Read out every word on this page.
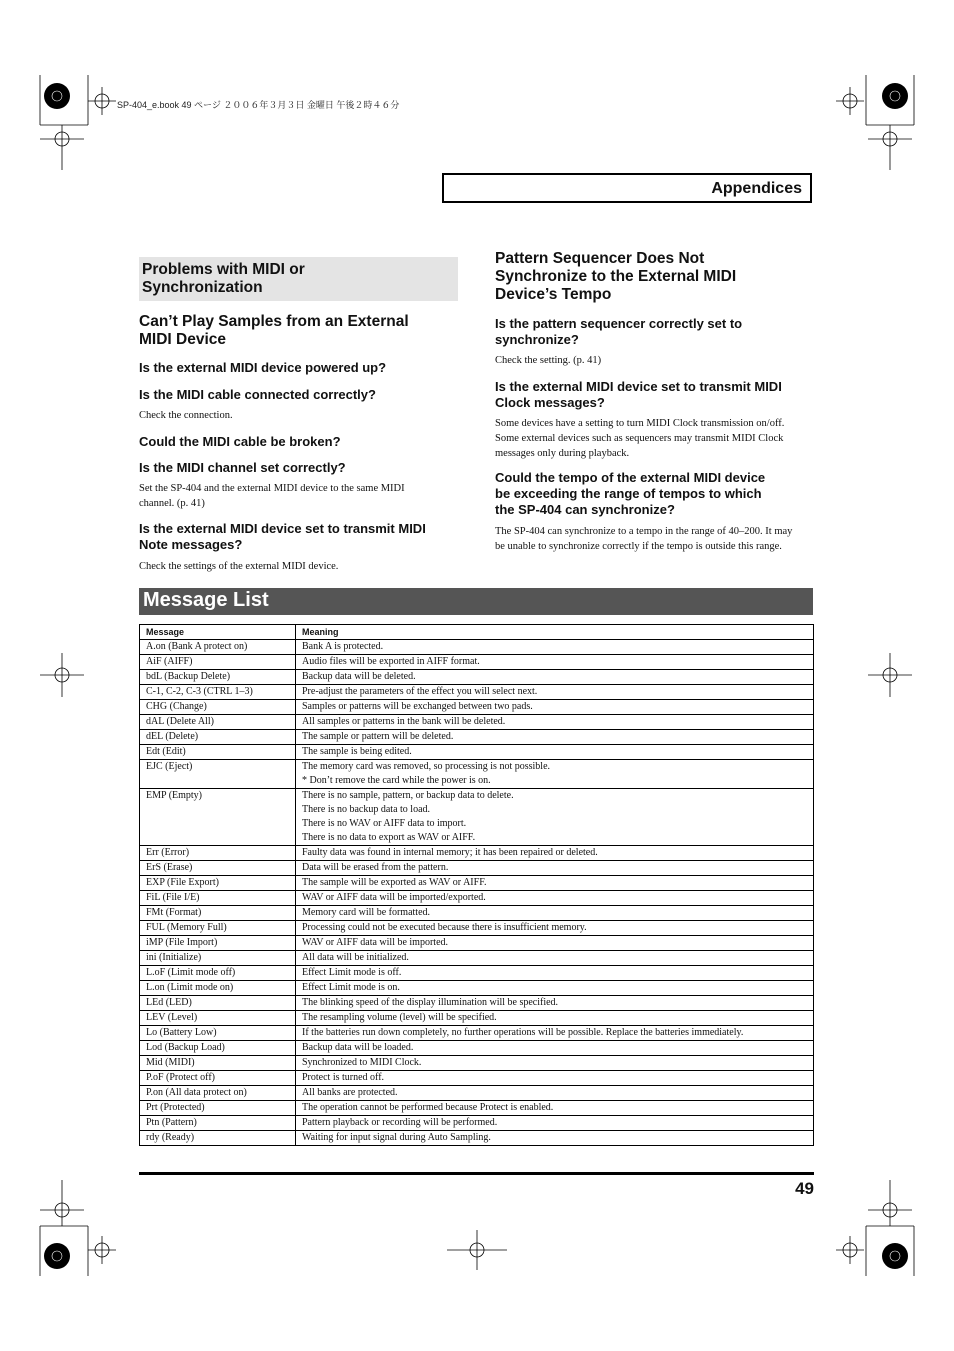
SP-404_e.book 49 ページ ２００６年３月３日 金曜日 午後２時４６分
Appendices
Problems with MIDI or
Synchronization
Can’t Play Samples from an External
MIDI Device
Is the external MIDI device powered up?
Is the MIDI cable connected correctly?

Check the connection.

Could the MIDI cable be broken?
Is the MIDI channel set correctly?

Set the SP-404 and the external MIDI device to the same MIDI
channel. (p. 41)

Is the external MIDI device set to transmit MIDI
Note messages?

Check the settings of the external MIDI device.

Pattern Sequencer Does Not
Synchronize to the External MIDI
Device’s Tempo
Is the pattern sequencer correctly set to
synchronize?

Check the setting. (p. 41)

Is the external MIDI device set to transmit MIDI
Clock messages?

Some devices have a setting to turn MIDI Clock transmission on/off.
Some external devices such as sequencers may transmit MIDI Clock
messages only during playback.

Could the tempo of the external MIDI device
be exceeding the range of tempos to which
the SP-404 can synchronize?

The SP-404 can synchronize to a tempo in the range of 40–200. It may
be unable to synchronize correctly if the tempo is outside this range.

Message List
Message	Meaning
A.on (Bank A protect on)	Bank A is protected.
AiF (AIFF)	Audio files will be exported in AIFF format.
bdL (Backup Delete)	Backup data will be deleted.
C-1, C-2, C-3 (CTRL 1–3)	Pre-adjust the parameters of the effect you will select next.
CHG (Change)	Samples or patterns will be exchanged between two pads.
dAL (Delete All)	All samples or patterns in the bank will be deleted.
dEL (Delete)	The sample or pattern will be deleted.
Edt (Edit)	The sample is being edited.
EJC (Eject)	The memory card was removed, so processing is not possible.
* Don’t remove the card while the power is on.
EMP (Empty)	There is no sample, pattern, or backup data to delete.
	There is no backup data to load.
	There is no WAV or AIFF data to import.
	There is no data to export as WAV or AIFF.
Err (Error)	Faulty data was found in internal memory; it has been repaired or deleted.
ErS (Erase)	Data will be erased from the pattern.
EXP (File Export)	The sample will be exported as WAV or AIFF.
FiL (File I/E)	WAV or AIFF data will be imported/exported.
FMt (Format)	Memory card will be formatted.
FUL (Memory Full)	Processing could not be executed because there is insufficient memory.
iMP (File Import)	WAV or AIFF data will be imported.
ini (Initialize)	All data will be initialized.
L.oF (Limit mode off)	Effect Limit mode is off.
L.on (Limit mode on)	Effect Limit mode is on.
LEd (LED)	The blinking speed of the display illumination will be specified.
LEV (Level)	The resampling volume (level) will be specified.
Lo (Battery Low)	If the batteries run down completely, no further operations will be possible. Replace the batteries immediately.
Lod (Backup Load)	Backup data will be loaded.
Mid (MIDI)	Synchronized to MIDI Clock.
P.oF (Protect off)	Protect is turned off.
P.on (All data protect on)	All banks are protected.
Prt (Protected)	The operation cannot be performed because Protect is enabled.
Ptn (Pattern)	Pattern playback or recording will be performed.
rdy (Ready)	Waiting for input signal during Auto Sampling.
49
